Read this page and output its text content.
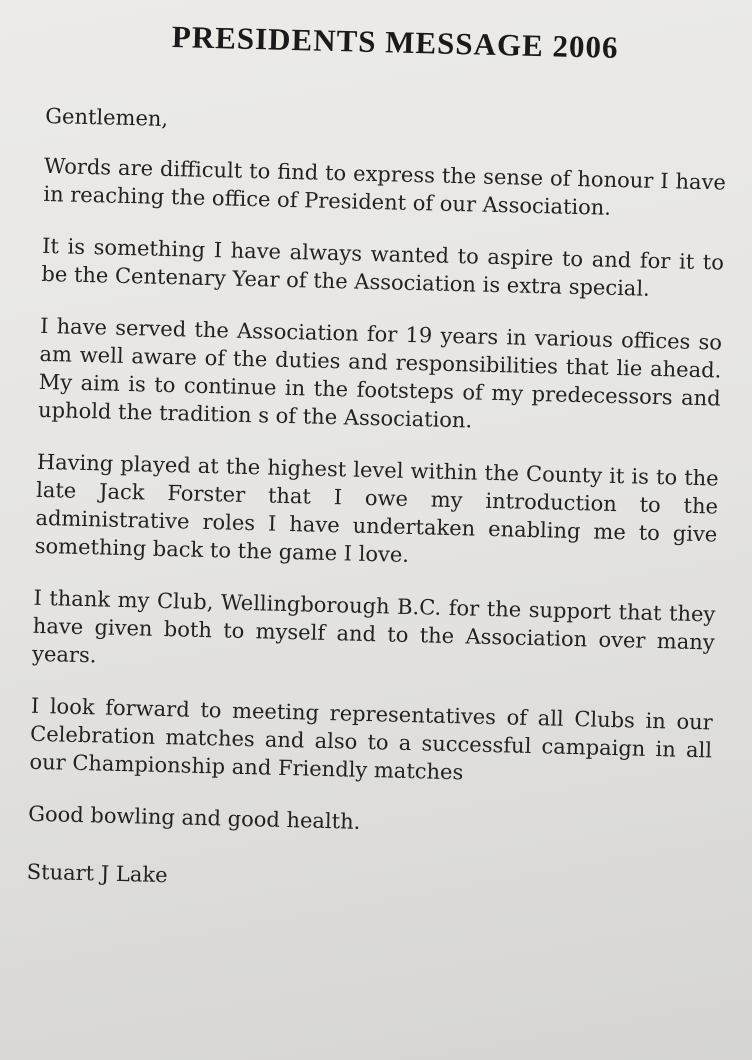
PRESIDENTS MESSAGE 2006

Gentlemen,

Words are difficult to find to express the sense of honour I have in reaching the office of President of our Association.

It is something I have always wanted to aspire to and for it to be the Centenary Year of the Association is extra special.

I have served the Association for 19 years in various offices so am well aware of the duties and responsibilities that lie ahead. My aim is to continue in the footsteps of my predecessors and uphold the tradition s of the Association.

Having played at the highest level within the County it is to the late Jack Forster that I owe my introduction to the administrative roles I have undertaken enabling me to give something back to the game I love.

I thank my Club, Wellingborough B.C. for the support that they have given both to myself and to the Association over many years.

I look forward to meeting representatives of all Clubs in our Celebration matches and also to a successful campaign in all our Championship and Friendly matches

Good bowling and good health.

Stuart J Lake
